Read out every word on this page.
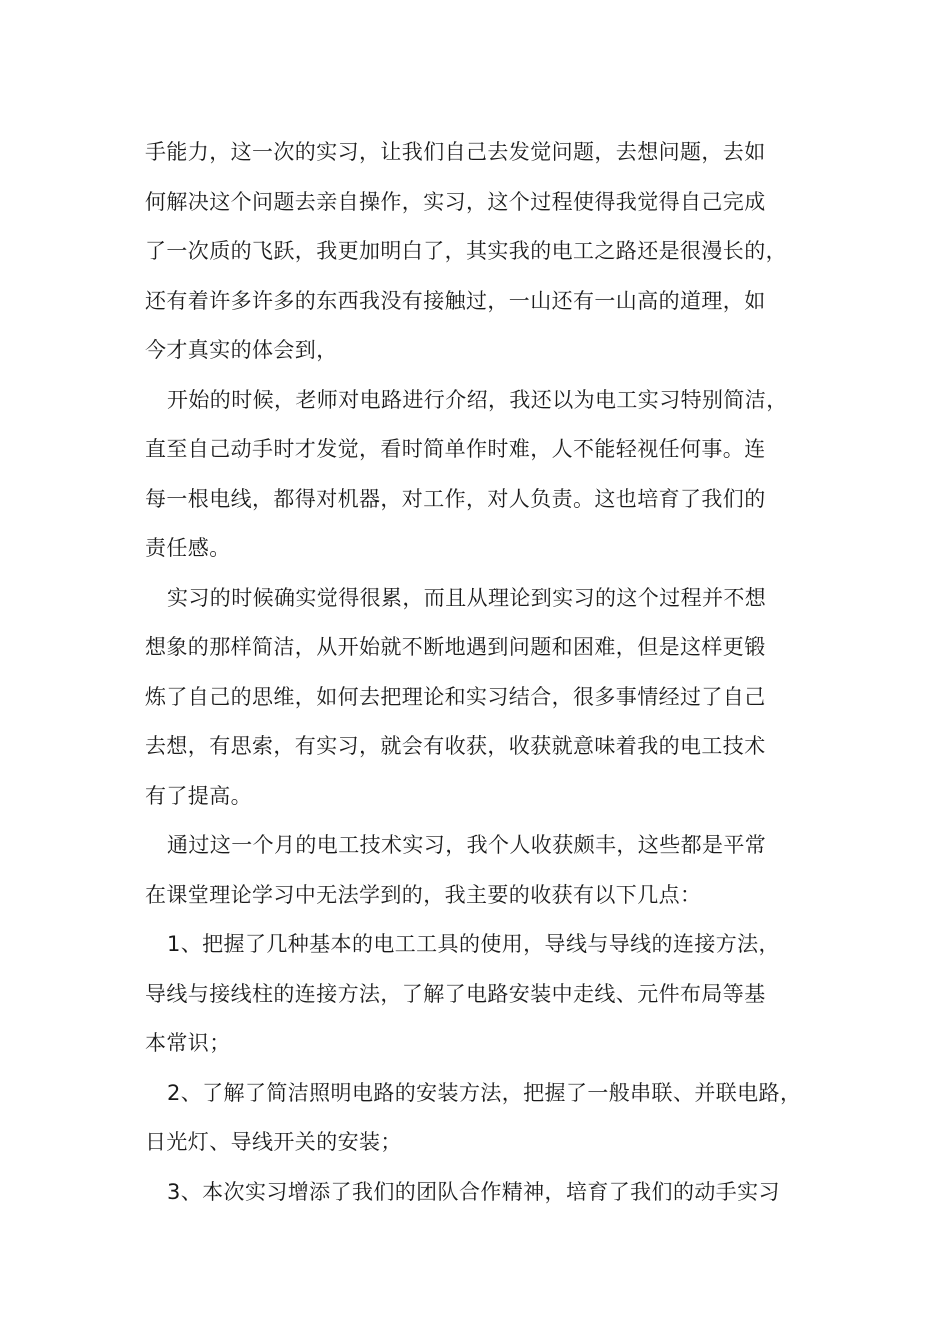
手能力，这一次的实习，让我们自己去发觉问题，去想问题，去如
何解决这个问题去亲自操作，实习，这个过程使得我觉得自己完成
了一次质的飞跃，我更加明白了，其实我的电工之路还是很漫长的，
还有着许多许多的东西我没有接触过，一山还有一山高的道理，如
今才真实的体会到，
开始的时候，老师对电路进行介绍，我还以为电工实习特别简洁，
直至自己动手时才发觉，看时简单作时难，人不能轻视任何事。连
每一根电线，都得对机器，对工作，对人负责。这也培育了我们的
责任感。
实习的时候确实觉得很累，而且从理论到实习的这个过程并不想
想象的那样简洁，从开始就不断地遇到问题和困难，但是这样更锻
炼了自己的思维，如何去把理论和实习结合，很多事情经过了自己
去想，有思索，有实习，就会有收获，收获就意味着我的电工技术
有了提高。
通过这一个月的电工技术实习，我个人收获颇丰，这些都是平常
在课堂理论学习中无法学到的，我主要的收获有以下几点：
1、把握了几种基本的电工工具的使用，导线与导线的连接方法，
导线与接线柱的连接方法，了解了电路安装中走线、元件布局等基
本常识；
2、了解了简洁照明电路的安装方法，把握了一般串联、并联电路，
日光灯、导线开关的安装；
3、本次实习增添了我们的团队合作精神，培育了我们的动手实习
